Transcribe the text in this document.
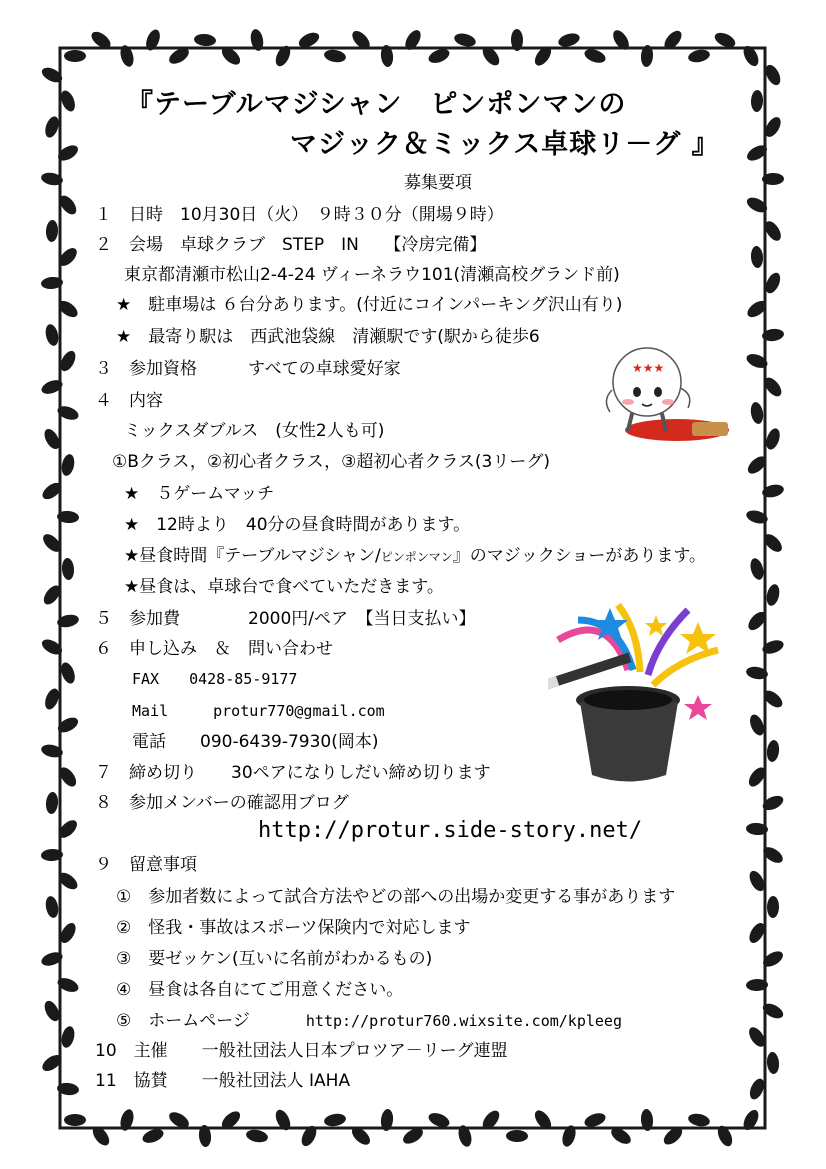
『テーブルマジシャン　ピンポンマンの
マジック＆ミックス卓球リ－グ 』
募集要項
１　日時　10月30日（火）　９時３０分（開場９時）
２　会場　卓球クラブ　STEP　IN　　【冷房完備】
東京都清瀬市松山2-4-24 ヴィーネラウ101(清瀬高校グランド前)
★　駐車場は ６台分あります。(付近にコインパーキング沢山有り)
★　最寄り駅は　西武池袋線　清瀬駅です(駅から徒歩6
３　参加資格　　　すべての卓球愛好家
４　内容
ミックスダブルス　(女性2人も可)
①Bクラス，②初心者クラス，③超初心者クラス(3リーグ)
★　５ゲームマッチ
★　12時より　40分の昼食時間があります。
★昼食時間『テーブルマジシャン/ピンポンマン』のマジックショーがあります。
★昼食は、卓球台で食べていただきます。
５　参加費　　　　2000円/ペア　【当日支払い】
６　申し込み　＆　問い合わせ
FAX　　0428-85-9177
Mail　　　protur770@gmail.com
電話　　090-6439-7930(岡本)
７　締め切り　　30ペアになりしだい締め切ります
８　参加メンバーの確認用ブログ
http://protur.side-story.net/
９　留意事項
①　参加者数によって試合方法やどの部への出場か変更する事があります
②　怪我・事故はスポーツ保険内で対応します
③　要ゼッケン(互いに名前がわかるもの)
④　昼食は各自にてご用意ください。
⑤　ホームページ	http://protur760.wixsite.com/kpleeg
10　主催　　一般社団法人日本プロツア－リーグ連盟
11　協賛　　一般社団法人 IAHA
★★★
